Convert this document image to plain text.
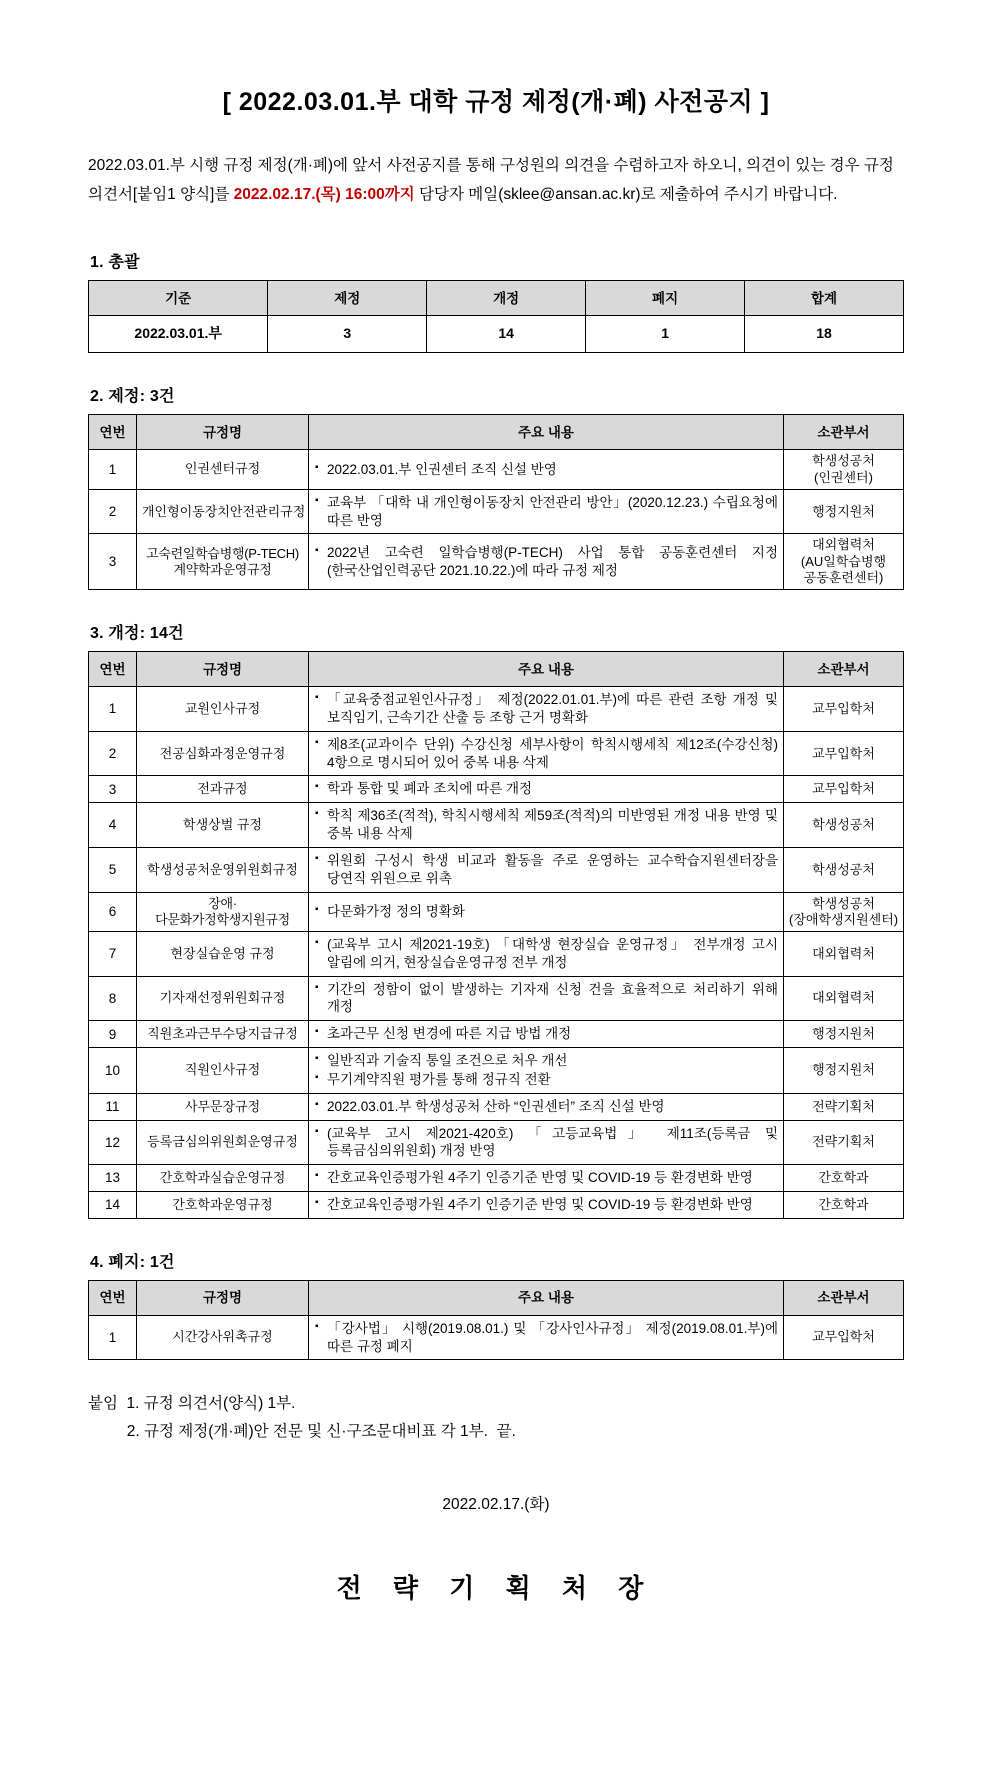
[ 2022.03.01.부 대학 규정 제정(개·폐) 사전공지 ]

2022.03.01.부 시행 규정 제정(개·폐)에 앞서 사전공지를 통해 구성원의 의견을 수렴하고자 하오니, 의견이 있는 경우 규정 의견서[붙임1 양식]를 2022.02.17.(목) 16:00까지 담당자 메일(sklee@ansan.ac.kr)로 제출하여 주시기 바랍니다.

1. 총괄
기준	제정	개정	폐지	합계
2022.03.01.부	3	14	1	18
2. 제정: 3건
연번	규정명	주요 내용	소관부서
1	인권센터규정	▪ 2022.03.01.부 인권센터 조직 신설 반영	학생성공처
(인권센터)
2	개인형이동장치안전관리규정	▪ 교육부 「대학 내 개인형이동장치 안전관리 방안」(2020.12.23.) 수립요청에 따른 반영	행정지원처
3	고숙련일학습병행(P-TECH)계약학과운영규정	▪ 2022년 고숙련 일학습병행(P-TECH) 사업 통합 공동훈련센터 지정(한국산업인력공단 2021.10.22.)에 따라 규정 제정	대외협력처
(AU일학습병행
공동훈련센터)
3. 개정: 14건
연번	규정명	주요 내용	소관부서
1	교원인사규정	▪ 「교육중점교원인사규정」 제정(2022.01.01.부)에 따른 관련 조항 개정 및 보직임기, 근속기간 산출 등 조항 근거 명확화	교무입학처
2	전공심화과정운영규정	▪ 제8조(교과이수 단위) 수강신청 세부사항이 학칙시행세칙 제12조(수강신청) 4항으로 명시되어 있어 중복 내용 삭제	교무입학처
3	전과규정	▪ 학과 통합 및 폐과 조치에 따른 개정	교무입학처
4	학생상벌 규정	▪ 학칙 제36조(적적), 학칙시행세칙 제59조(적적)의 미반영된 개정 내용 반영 및 중복 내용 삭제	학생성공처
5	학생성공처운영위원회규정	▪ 위원회 구성시 학생 비교과 활동을 주로 운영하는 교수학습지원센터장을 당연직 위원으로 위촉	학생성공처
6	장애·다문화가정학생지원규정	▪ 다문화가정 정의 명확화	학생성공처
(장애학생지원센터)
7	현장실습운영 규정	▪ (교육부 고시 제2021-19호) 「대학생 현장실습 운영규정」 전부개정 고시 알림에 의거, 현장실습운영규정 전부 개정	대외협력처
8	기자재선정위원회규정	▪ 기간의 정함이 없이 발생하는 기자재 신청 건을 효율적으로 처리하기 위해 개정	대외협력처
9	직원초과근무수당지급규정	▪ 초과근무 신청 변경에 따른 지급 방법 개정	행정지원처
10	직원인사규정	▪ 일반직과 기술직 통일 조건으로 처우 개선
▪ 무기계약직원 평가를 통해 정규직 전환	행정지원처
11	사무문장규정	▪ 2022.03.01.부 학생성공처 산하 “인권센터” 조직 신설 반영	전략기획처
12	등록금심의위원회운영규정	▪ (교육부 고시 제2021-420호) 「고등교육법」 제11조(등록금 및 등록금심의위원회) 개정 반영	전략기획처
13	간호학과실습운영규정	▪ 간호교육인증평가원 4주기 인증기준 반영 및 COVID-19 등 환경변화 반영	간호학과
14	간호학과운영규정	▪ 간호교육인증평가원 4주기 인증기준 반영 및 COVID-19 등 환경변화 반영	간호학과
4. 폐지: 1건
연번	규정명	주요 내용	소관부서
1	시간강사위촉규정	▪ 「강사법」 시행(2019.08.01.) 및 「강사인사규정」 제정(2019.08.01.부)에 따른 규정 폐지	교무입학처
붙임  1. 규정 의견서(양식) 1부.
2. 규정 제정(개·폐)안 전문 및 신·구조문대비표 각 1부.  끝.
2022.02.17.(화)
전 략 기 획 처 장
